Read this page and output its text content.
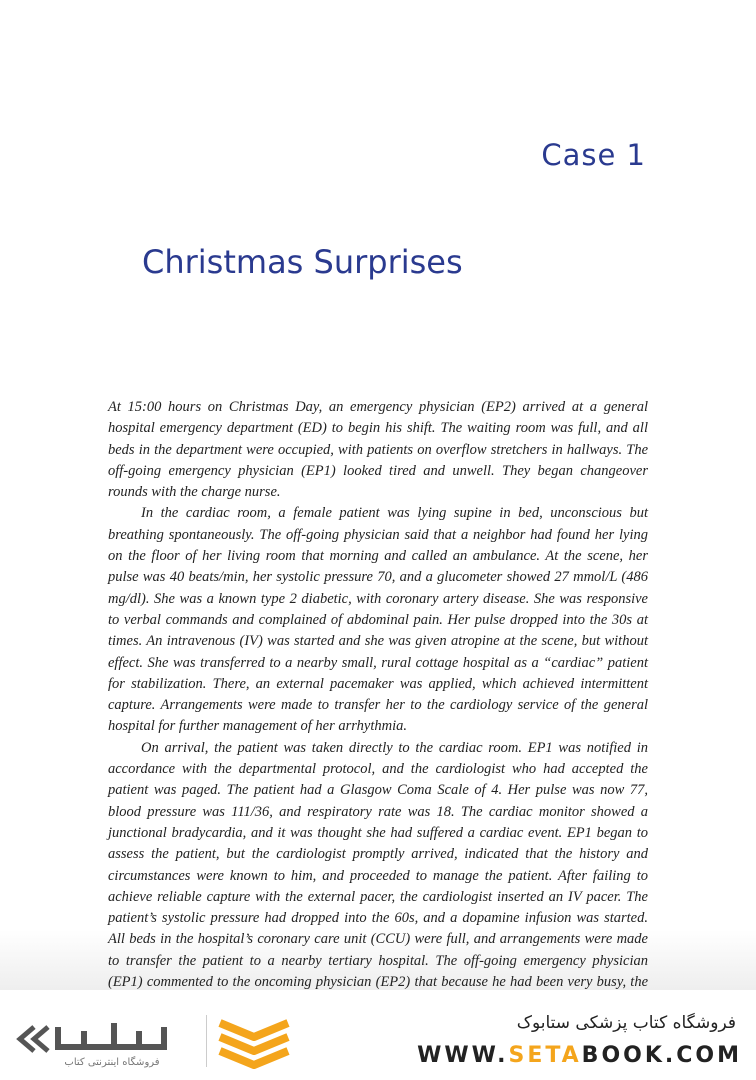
Case 1
Christmas Surprises

At 15:00 hours on Christmas Day, an emergency physician (EP2) arrived at a general hospital emergency department (ED) to begin his shift. The waiting room was full, and all beds in the department were occupied, with patients on overflow stretchers in hallways. The off-going emergency physician (EP1) looked tired and unwell. They began changeover rounds with the charge nurse.

In the cardiac room, a female patient was lying supine in bed, unconscious but breathing spontaneously. The off-going physician said that a neighbor had found her lying on the floor of her living room that morning and called an ambulance. At the scene, her pulse was 40 beats/min, her systolic pressure 70, and a glucometer showed 27 mmol/L (486 mg/dl). She was a known type 2 diabetic, with coronary artery disease. She was responsive to verbal commands and complained of abdominal pain. Her pulse dropped into the 30s at times. An intravenous (IV) was started and she was given atropine at the scene, but without effect. She was transferred to a nearby small, rural cottage hospital as a “cardiac” patient for stabilization. There, an external pacemaker was applied, which achieved intermittent capture. Arrangements were made to transfer her to the cardiology service of the general hospital for further management of her arrhythmia.

On arrival, the patient was taken directly to the cardiac room. EP1 was notified in accordance with the departmental protocol, and the cardiologist who had accepted the patient was paged. The patient had a Glasgow Coma Scale of 4. Her pulse was now 77, blood pressure was 111/36, and respiratory rate was 18. The cardiac monitor showed a junctional bradycardia, and it was thought she had suffered a cardiac event. EP1 began to assess the patient, but the cardiologist promptly arrived, indicated that the history and circumstances were known to him, and proceeded to manage the patient. After failing to achieve reliable capture with the external pacer, the cardiologist inserted an IV pacer. The patient’s systolic pressure had dropped into the 60s, and a dopamine infusion was started. All beds in the hospital’s coronary care unit (CCU) were full, and arrangements were made to transfer the patient to a nearby tertiary hospital. The off-going emergency physician (EP1) commented to the oncoming physician (EP2) that because he had been very busy, the

فروشگاه اینترنتی کتاب
فروشگاه کتاب پزشکی ستابوک
WWW.SETABOOK.COM
